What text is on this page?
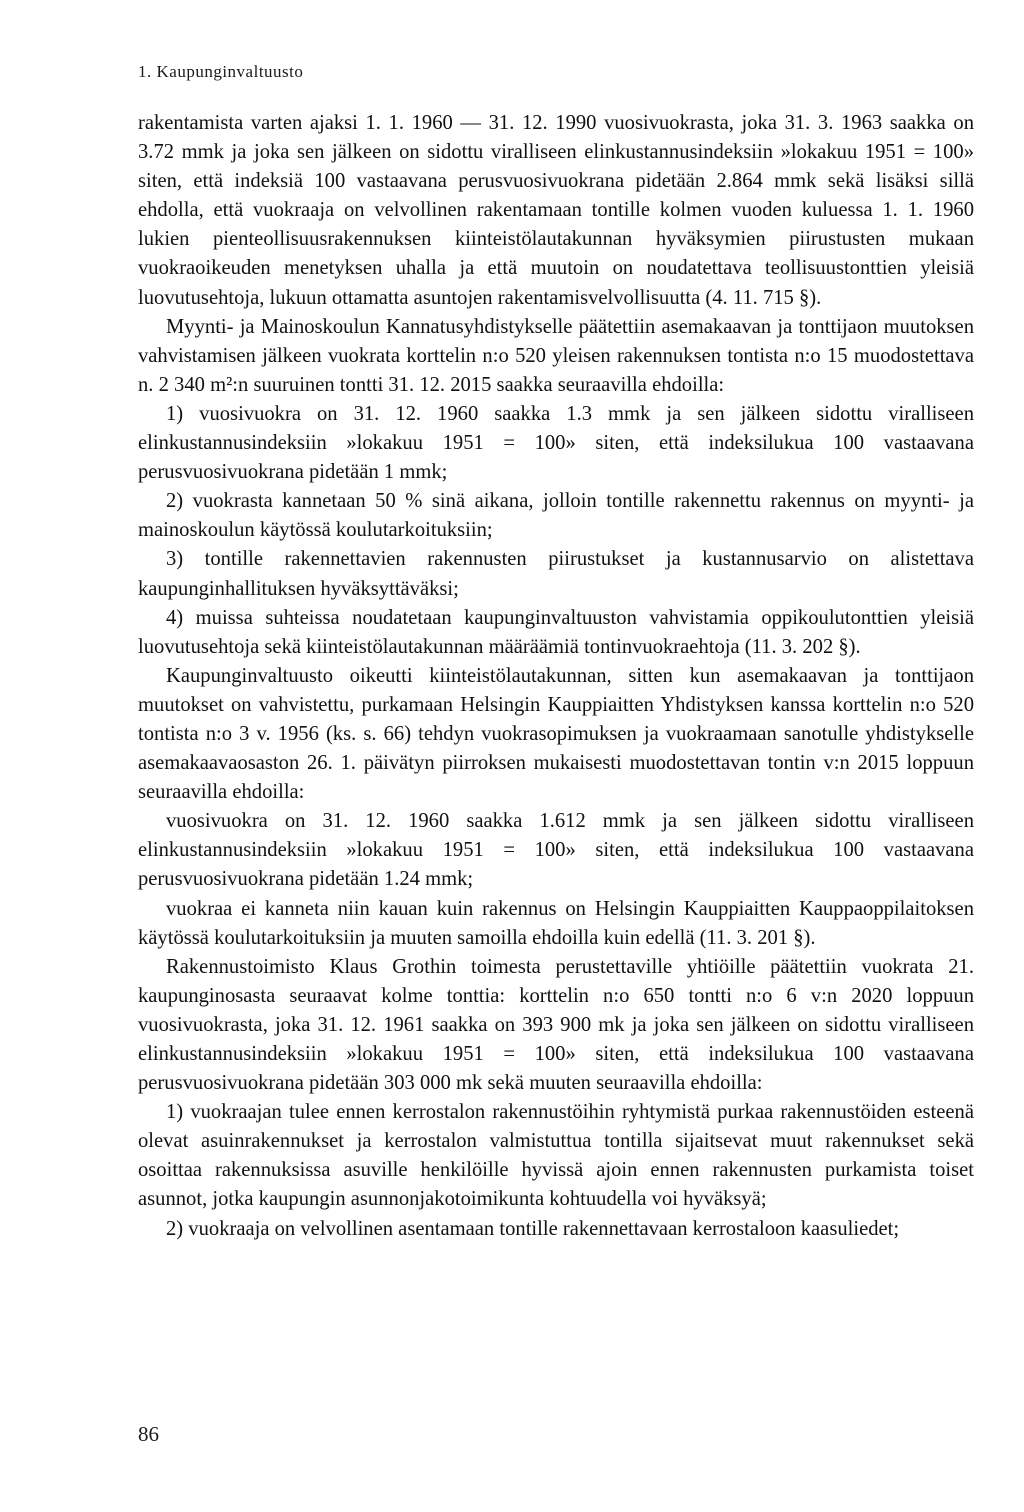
1. Kaupunginvaltuusto

rakentamista varten ajaksi 1. 1. 1960 — 31. 12. 1990 vuosivuokrasta, joka 31. 3. 1963 saakka on 3.72 mmk ja joka sen jälkeen on sidottu viralliseen elinkustannusindeksiin »lokakuu 1951 = 100» siten, että indeksiä 100 vastaavana perusvuosivuokrana pidetään 2.864 mmk sekä lisäksi sillä ehdolla, että vuokraaja on velvollinen rakentamaan tontille kolmen vuoden kuluessa 1. 1. 1960 lukien pienteollisuusrakennuksen kiinteistölautakunnan hyväksymien piirustusten mukaan vuokraoikeuden menetyksen uhalla ja että muutoin on noudatettava teollisuustonttien yleisiä luovutusehtoja, lukuun ottamatta asuntojen rakentamisvelvollisuutta (4. 11. 715 §).

Myynti- ja Mainoskoulun Kannatusyhdistykselle päätettiin asemakaavan ja tonttijaon muutoksen vahvistamisen jälkeen vuokrata korttelin n:o 520 yleisen rakennuksen tontista n:o 15 muodostettava n. 2 340 m²:n suuruinen tontti 31. 12. 2015 saakka seuraavilla ehdoilla:

1) vuosivuokra on 31. 12. 1960 saakka 1.3 mmk ja sen jälkeen sidottu viralliseen elinkustannusindeksiin »lokakuu 1951 = 100» siten, että indeksilukua 100 vastaavana perusvuosivuokrana pidetään 1 mmk;

2) vuokrasta kannetaan 50 % sinä aikana, jolloin tontille rakennettu rakennus on myynti- ja mainoskoulun käytössä koulutarkoituksiin;

3) tontille rakennettavien rakennusten piirustukset ja kustannusarvio on alistettava kaupunginhallituksen hyväksyttäväksi;

4) muissa suhteissa noudatetaan kaupunginvaltuuston vahvistamia oppikoulutonttien yleisiä luovutusehtoja sekä kiinteistölautakunnan määräämiä tontinvuokraehtoja (11. 3. 202 §).

Kaupunginvaltuusto oikeutti kiinteistölautakunnan, sitten kun asemakaavan ja tonttijaon muutokset on vahvistettu, purkamaan Helsingin Kauppiaitten Yhdistyksen kanssa korttelin n:o 520 tontista n:o 3 v. 1956 (ks. s. 66) tehdyn vuokrasopimuksen ja vuokraamaan sanotulle yhdistykselle asemakaavaosaston 26. 1. päivätyn piirroksen mukaisesti muodostettavan tontin v:n 2015 loppuun seuraavilla ehdoilla:

vuosivuokra on 31. 12. 1960 saakka 1.612 mmk ja sen jälkeen sidottu viralliseen elinkustannusindeksiin »lokakuu 1951 = 100» siten, että indeksilukua 100 vastaavana perusvuosivuokrana pidetään 1.24 mmk;

vuokraa ei kanneta niin kauan kuin rakennus on Helsingin Kauppiaitten Kauppaoppilaitoksen käytössä koulutarkoituksiin ja muuten samoilla ehdoilla kuin edellä (11. 3. 201 §).

Rakennustoimisto Klaus Grothin toimesta perustettaville yhtiöille päätettiin vuokrata 21. kaupunginosasta seuraavat kolme tonttia: korttelin n:o 650 tontti n:o 6 v:n 2020 loppuun vuosivuokrasta, joka 31. 12. 1961 saakka on 393 900 mk ja joka sen jälkeen on sidottu viralliseen elinkustannusindeksiin »lokakuu 1951 = 100» siten, että indeksilukua 100 vastaavana perusvuosivuokrana pidetään 303 000 mk sekä muuten seuraavilla ehdoilla:

1) vuokraajan tulee ennen kerrostalon rakennustöihin ryhtymistä purkaa rakennustöiden esteenä olevat asuinrakennukset ja kerrostalon valmistuttua tontilla sijaitsevat muut rakennukset sekä osoittaa rakennuksissa asuville henkilöille hyvissä ajoin ennen rakennusten purkamista toiset asunnot, jotka kaupungin asunnonjakotoimikunta kohtuudella voi hyväksyä;

2) vuokraaja on velvollinen asentamaan tontille rakennettavaan kerrostaloon kaasuliedet;

86
